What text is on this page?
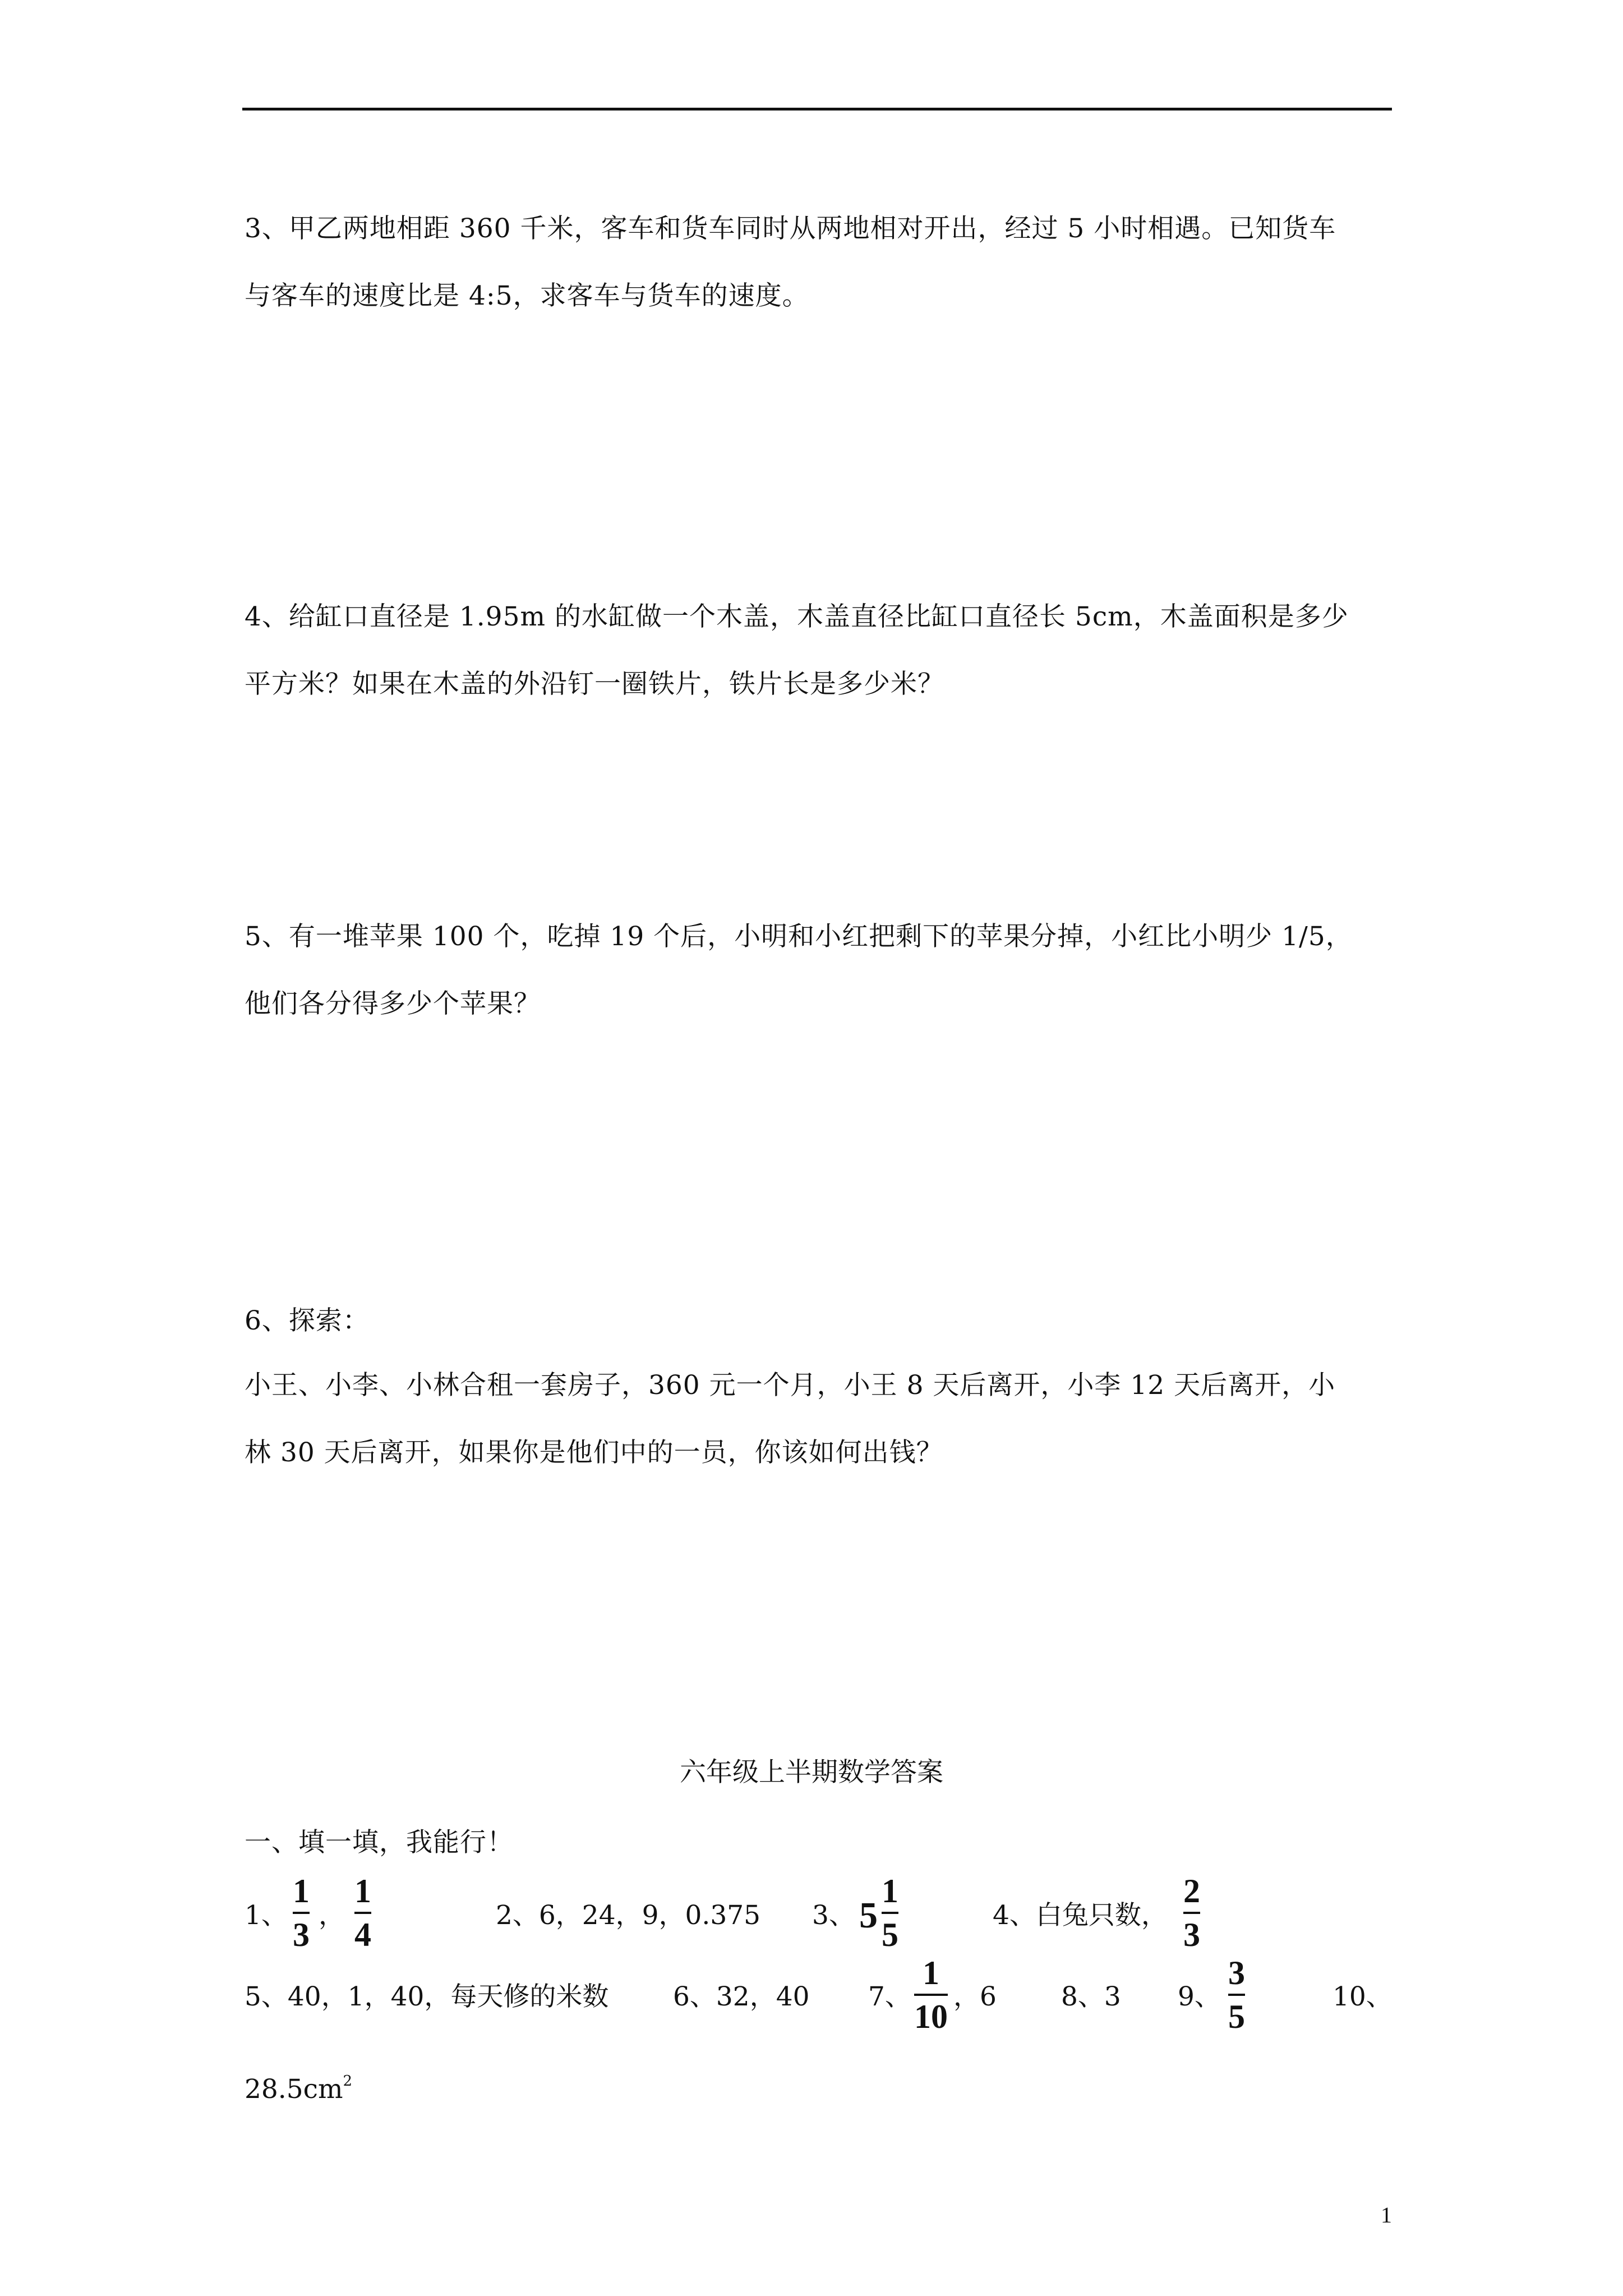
3、甲乙两地相距 360 千米，客车和货车同时从两地相对开出，经过 5 小时相遇。已知货车
与客车的速度比是 4:5，求客车与货车的速度。
4、给缸口直径是 1.95m 的水缸做一个木盖，木盖直径比缸口直径长 5cm，木盖面积是多少
平方米？如果在木盖的外沿钉一圈铁片，铁片长是多少米？
5、有一堆苹果 100 个，吃掉 19 个后，小明和小红把剩下的苹果分掉，小红比小明少 1/5，
他们各分得多少个苹果？
6、探索：
小王、小李、小林合租一套房子，360 元一个月，小王 8 天后离开，小李 12 天后离开，小
林 30 天后离开，如果你是他们中的一员，你该如何出钱？
六年级上半期数学答案
一、填一填，我能行！
1、
1
3
，
1
4
2、6，24，9，0.375 3、 5
1
5
4、白兔只数，
2
3
5、40，1，40，每天修的米数 6、32，40 7、
1
10
，6 8、3 9、
3
5
10、
$28.5cm^2$
1
